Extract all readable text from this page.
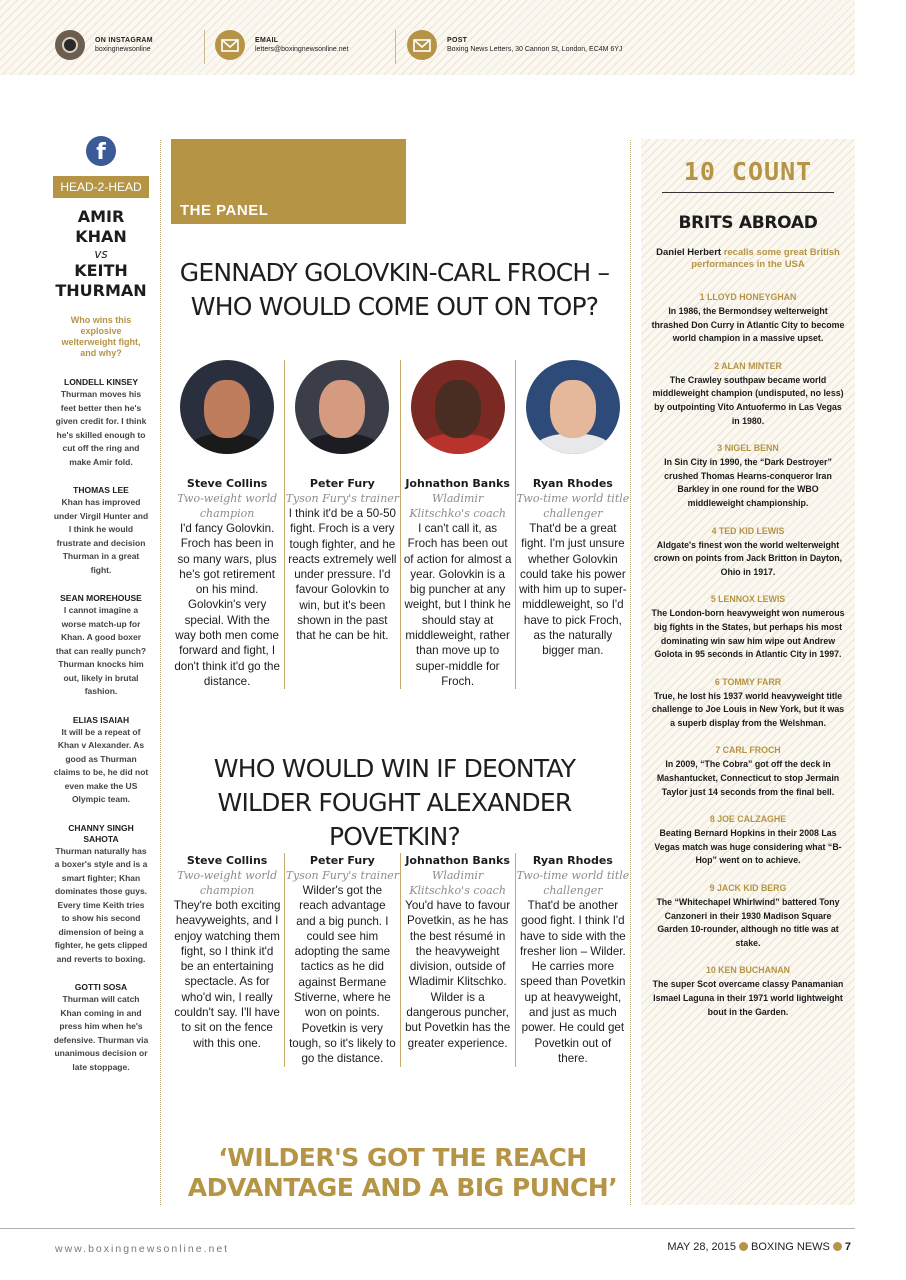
ON INSTAGRAM
boxingnewsonline
EMAIL
letters@boxingnewsonline.net
POST
Boxing News Letters, 30 Cannon St, London, EC4M 6YJ
f
HEAD-2-HEAD
AMIR KHAN
vs
KEITH THURMAN
Who wins this explosive welterweight fight, and why?
LONDELL KINSEY
Thurman moves his feet better then he's given credit for. I think he's skilled enough to cut off the ring and make Amir fold.
THOMAS LEE
Khan has improved under Virgil Hunter and I think he would frustrate and decision Thurman in a great fight.
SEAN MOREHOUSE
I cannot imagine a worse match-up for Khan. A good boxer that can really punch? Thurman knocks him out, likely in brutal fashion.
ELIAS ISAIAH
It will be a repeat of Khan v Alexander. As good as Thurman claims to be, he did not even make the US Olympic team.
CHANNY SINGH SAHOTA
Thurman naturally has a boxer's style and is a smart fighter; Khan dominates those guys. Every time Keith tries to show his second dimension of being a fighter, he gets clipped and reverts to boxing.
GOTTI SOSA
Thurman will catch Khan coming in and press him when he's defensive. Thurman via unanimous decision or late stoppage.
THE PANEL
GENNADY GOLOVKIN-CARL FROCH – WHO WOULD COME OUT ON TOP?
Steve Collins
Two-weight world champion
I'd fancy Golovkin. Froch has been in so many wars, plus he's got retirement on his mind. Golovkin's very special. With the way both men come forward and fight, I don't think it'd go the distance.
Peter Fury
Tyson Fury's trainer
I think it'd be a 50-50 fight. Froch is a very tough fighter, and he reacts extremely well under pressure. I'd favour Golovkin to win, but it's been shown in the past that he can be hit.
Johnathon Banks
Wladimir Klitschko's coach
I can't call it, as Froch has been out of action for almost a year. Golovkin is a big puncher at any weight, but I think he should stay at middleweight, rather than move up to super-middle for Froch.
Ryan Rhodes
Two-time world title challenger
That'd be a great fight. I'm just unsure whether Golovkin could take his power with him up to super-middleweight, so I'd have to pick Froch, as the naturally bigger man.
WHO WOULD WIN IF DEONTAY WILDER FOUGHT ALEXANDER POVETKIN?
Steve Collins
Two-weight world champion
They're both exciting heavyweights, and I enjoy watching them fight, so I think it'd be an entertaining spectacle. As for who'd win, I really couldn't say. I'll have to sit on the fence with this one.
Peter Fury
Tyson Fury's trainer
Wilder's got the reach advantage and a big punch. I could see him adopting the same tactics as he did against Bermane Stiverne, where he won on points. Povetkin is very tough, so it's likely to go the distance.
Johnathon Banks
Wladimir Klitschko's coach
You'd have to favour Povetkin, as he has the best résumé in the heavyweight division, outside of Wladimir Klitschko. Wilder is a dangerous puncher, but Povetkin has the greater experience.
Ryan Rhodes
Two-time world title challenger
That'd be another good fight. I think I'd have to side with the fresher lion – Wilder. He carries more speed than Povetkin up at heavyweight, and just as much power. He could get Povetkin out of there.
‘WILDER'S GOT THE REACH ADVANTAGE AND A BIG PUNCH’
10 COUNT
BRITS ABROAD
Daniel Herbert recalls some great British performances in the USA
1 LLOYD HONEYGHAN
In 1986, the Bermondsey welterweight thrashed Don Curry in Atlantic City to become world champion in a massive upset.
2 ALAN MINTER
The Crawley southpaw became world middleweight champion (undisputed, no less) by outpointing Vito Antuofermo in Las Vegas in 1980.
3 NIGEL BENN
In Sin City in 1990, the “Dark Destroyer” crushed Thomas Hearns-conqueror Iran Barkley in one round for the WBO middleweight championship.
4 TED KID LEWIS
Aldgate's finest won the world welterweight crown on points from Jack Britton in Dayton, Ohio in 1917.
5 LENNOX LEWIS
The London-born heavyweight won numerous big fights in the States, but perhaps his most dominating win saw him wipe out Andrew Golota in 95 seconds in Atlantic City in 1997.
6 TOMMY FARR
True, he lost his 1937 world heavyweight title challenge to Joe Louis in New York, but it was a superb display from the Welshman.
7 CARL FROCH
In 2009, “The Cobra” got off the deck in Mashantucket, Connecticut to stop Jermain Taylor just 14 seconds from the final bell.
8 JOE CALZAGHE
Beating Bernard Hopkins in their 2008 Las Vegas match was huge considering what “B-Hop” went on to achieve.
9 JACK KID BERG
The “Whitechapel Whirlwind” battered Tony Canzoneri in their 1930 Madison Square Garden 10-rounder, although no title was at stake.
10 KEN BUCHANAN
The super Scot overcame classy Panamanian Ismael Laguna in their 1971 world lightweight bout in the Garden.
www.boxingnewsonline.net	MAY 28, 2015 BOXING NEWS 7
